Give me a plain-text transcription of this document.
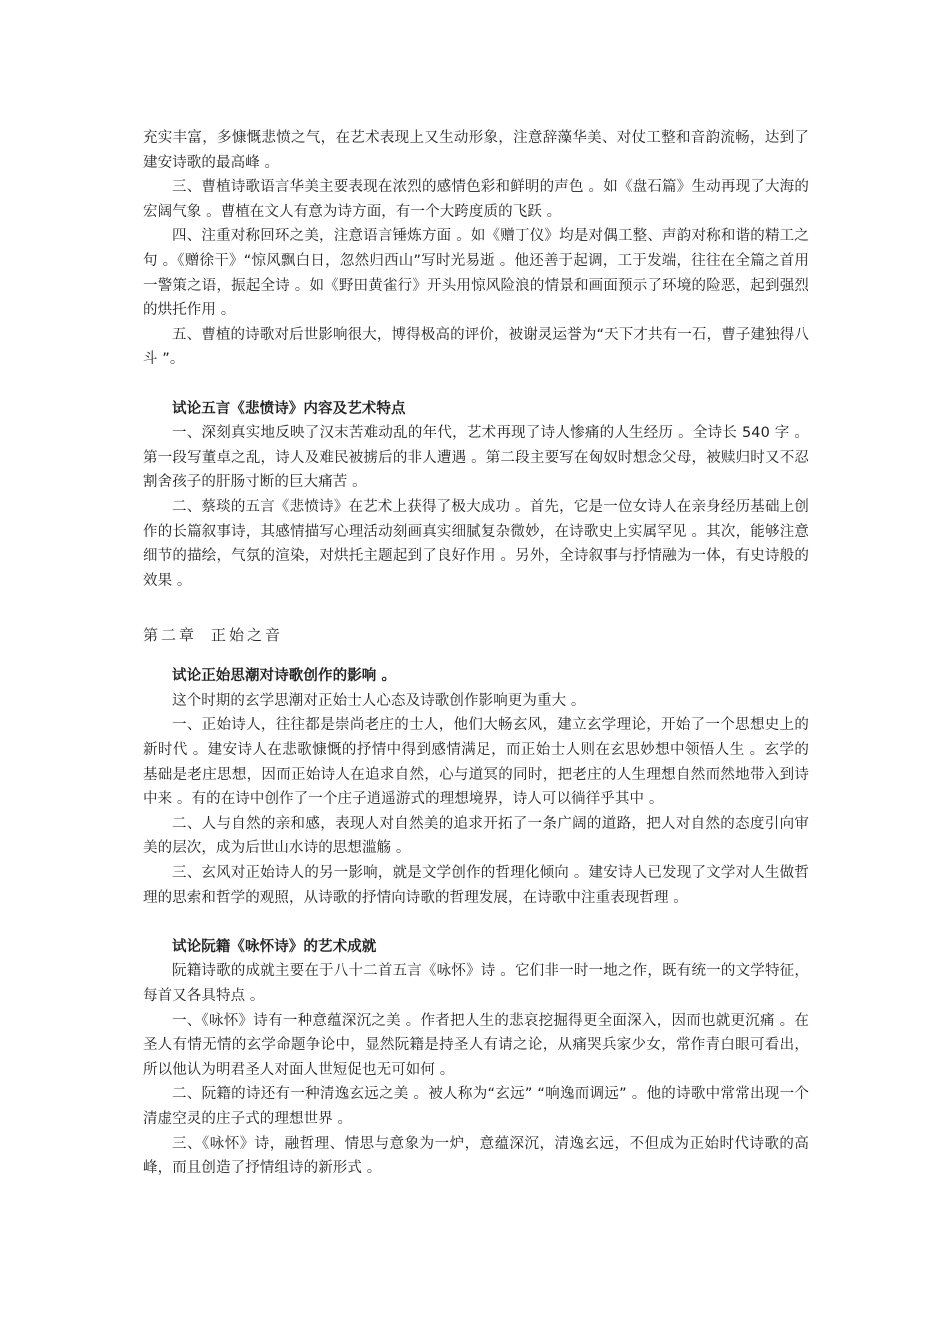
充实丰富，多慷慨悲愤之气，在艺术表现上又生动形象，注意辞藻华美、对仗工整和音韵流畅，达到了建安诗歌的最高峰 。

三、曹植诗歌语言华美主要表现在浓烈的感情色彩和鲜明的声色 。如《盘石篇》生动再现了大海的宏阔气象 。曹植在文人有意为诗方面，有一个大跨度质的飞跃 。

四、注重对称回环之美，注意语言锤炼方面 。如《赠丁仪》均是对偶工整、声韵对称和谐的精工之句 。《赠徐干》“惊风飘白日，忽然归西山”写时光易逝 。他还善于起调，工于发端，往往在全篇之首用一警策之语，振起全诗 。如《野田黄雀行》开头用惊风险浪的情景和画面预示了环境的险恶，起到强烈的烘托作用 。

五、曹植的诗歌对后世影响很大，博得极高的评价，被谢灵运誉为“天下才共有一石，曹子建独得八斗 ”。

试论五言《悲愤诗》内容及艺术特点

一、深刻真实地反映了汉末苦难动乱的年代，艺术再现了诗人惨痛的人生经历 。全诗长 540 字 。第一段写董卓之乱，诗人及难民被掳后的非人遭遇 。第二段主要写在匈奴时想念父母，被赎归时又不忍割舍孩子的肝肠寸断的巨大痛苦 。

二、蔡琰的五言《悲愤诗》在艺术上获得了极大成功 。首先，它是一位女诗人在亲身经历基础上创作的长篇叙事诗，其感情描写心理活动刻画真实细腻复杂微妙，在诗歌史上实属罕见 。其次，能够注意细节的描绘，气氛的渲染，对烘托主题起到了良好作用 。另外，全诗叙事与抒情融为一体，有史诗般的效果 。

第二章 正始之音

试论正始思潮对诗歌创作的影响 。

这个时期的玄学思潮对正始士人心态及诗歌创作影响更为重大 。

一、正始诗人，往往都是崇尚老庄的士人，他们大畅玄风，建立玄学理论，开始了一个思想史上的新时代 。建安诗人在悲歌慷慨的抒情中得到感情满足，而正始士人则在玄思妙想中领悟人生 。玄学的基础是老庄思想，因而正始诗人在追求自然，心与道冥的同时，把老庄的人生理想自然而然地带入到诗中来 。有的在诗中创作了一个庄子逍遥游式的理想境界，诗人可以徜徉乎其中 。

二、人与自然的亲和感，表现人对自然美的追求开拓了一条广阔的道路，把人对自然的态度引向审美的层次，成为后世山水诗的思想滥觞 。

三、玄风对正始诗人的另一影响，就是文学创作的哲理化倾向 。建安诗人已发现了文学对人生做哲理的思索和哲学的观照，从诗歌的抒情向诗歌的哲理发展，在诗歌中注重表现哲理 。

试论阮籍《咏怀诗》的艺术成就

阮籍诗歌的成就主要在于八十二首五言《咏怀》诗 。它们非一时一地之作，既有统一的文学特征，每首又各具特点 。

一、《咏怀》诗有一种意蕴深沉之美 。作者把人生的悲哀挖掘得更全面深入，因而也就更沉痛 。在圣人有情无情的玄学命题争论中，显然阮籍是持圣人有请之论，从痛哭兵家少女，常作青白眼可看出，所以他认为明君圣人对面人世短促也无可如何 。

二、阮籍的诗还有一种清逸玄远之美 。被人称为“玄远” “响逸而调远” 。他的诗歌中常常出现一个清虚空灵的庄子式的理想世界 。

三、《咏怀》诗，融哲理、情思与意象为一炉，意蕴深沉，清逸玄远，不但成为正始时代诗歌的高峰，而且创造了抒情组诗的新形式 。
